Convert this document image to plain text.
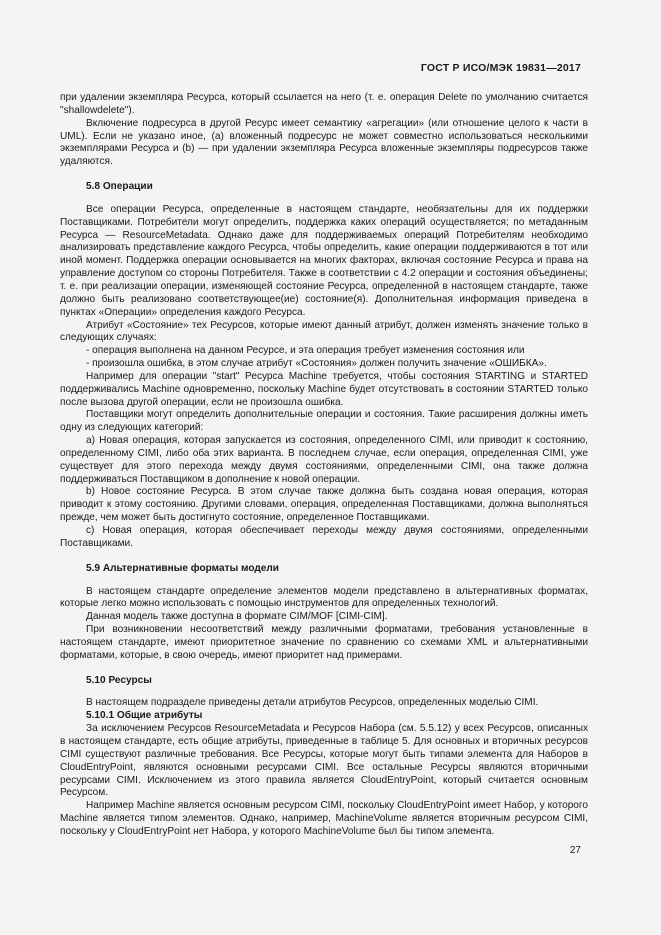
ГОСТ Р ИСО/МЭК 19831—2017

при удалении экземпляра Ресурса, который ссылается на него (т. е. операция Delete по умолчанию считается "shallowdelete").

Включение подресурса в другой Ресурс имеет семантику «агрегации» (или отношение целого к части в UML). Если не указано иное, (a) вложенный подресурс не может совместно использоваться несколькими экземплярами Ресурса и (b) — при удалении экземпляра Ресурса вложенные экземпляры подресурсов также удаляются.

5.8 Операции

Все операции Ресурса, определенные в настоящем стандарте, необязательны для их поддержки Поставщиками. Потребители могут определить, поддержка каких операций осуществляется; по метаданным Ресурса — ResourceMetadata. Однако даже для поддерживаемых операций Потребителям необходимо анализировать представление каждого Ресурса, чтобы определить, какие операции поддерживаются в тот или иной момент. Поддержка операции основывается на многих факторах, включая состояние Ресурса и права на управление доступом со стороны Потребителя. Также в соответствии с 4.2 операции и состояния объединены; т. е. при реализации операции, изменяющей состояние Ресурса, определенной в настоящем стандарте, также должно быть реализовано соответствующее(ие) состояние(я). Дополнительная информация приведена в пунктах «Операции» определения каждого Ресурса.

Атрибут «Состояние» тех Ресурсов, которые имеют данный атрибут, должен изменять значение только в следующих случаях:

- операция выполнена на данном Ресурсе, и эта операция требует изменения состояния или

- произошла ошибка, в этом случае атрибут «Состояния» должен получить значение «ОШИБКА».

Например для операции "start" Ресурса Machine требуется, чтобы состояния STARTING и STARTED поддерживались Machine одновременно, поскольку Machine будет отсутствовать в состоянии STARTED только после вызова другой операции, если не произошла ошибка.

Поставщики могут определить дополнительные операции и состояния. Такие расширения должны иметь одну из следующих категорий:

a) Новая операция, которая запускается из состояния, определенного CIMI, или приводит к состоянию, определенному CIMI, либо оба этих варианта. В последнем случае, если операция, определенная CIMI, уже существует для этого перехода между двумя состояниями, определенными CIMI, она также должна поддерживаться Поставщиком в дополнение к новой операции.

b) Новое состояние Ресурса. В этом случае также должна быть создана новая операция, которая приводит к этому состоянию. Другими словами, операция, определенная Поставщиками, должна выполняться прежде, чем может быть достигнуто состояние, определенное Поставщиками.

c) Новая операция, которая обеспечивает переходы между двумя состояниями, определенными Поставщиками.

5.9 Альтернативные форматы модели

В настоящем стандарте определение элементов модели представлено в альтернативных форматах, которые легко можно использовать с помощью инструментов для определенных технологий.

Данная модель также доступна в формате CIM/MOF [CIMI-CIM].

При возникновении несоответствий между различными форматами, требования установленные в настоящем стандарте, имеют приоритетное значение по сравнению со схемами XML и альтернативными форматами, которые, в свою очередь, имеют приоритет над примерами.

5.10 Ресурсы

В настоящем подразделе приведены детали атрибутов Ресурсов, определенных моделью CIMI.

5.10.1 Общие атрибуты

За исключением Ресурсов ResourceMetadata и Ресурсов Набора (см. 5.5.12) у всех Ресурсов, описанных в настоящем стандарте, есть общие атрибуты, приведенные в таблице 5. Для основных и вторичных ресурсов CIMI существуют различные требования. Все Ресурсы, которые могут быть типами элемента для Наборов в CloudEntryPoint, являются основными ресурсами CIMI. Все остальные Ресурсы являются вторичными ресурсами CIMI. Исключением из этого правила является CloudEntryPoint, который считается основным Ресурсом.

Например Machine является основным ресурсом CIMI, поскольку CloudEntryPoint имеет Набор, у которого Machine является типом элементов. Однако, например, MachineVolume является вторичным ресурсом CIMI, поскольку у CloudEntryPoint нет Набора, у которого MachineVolume был бы типом элемента.

27
